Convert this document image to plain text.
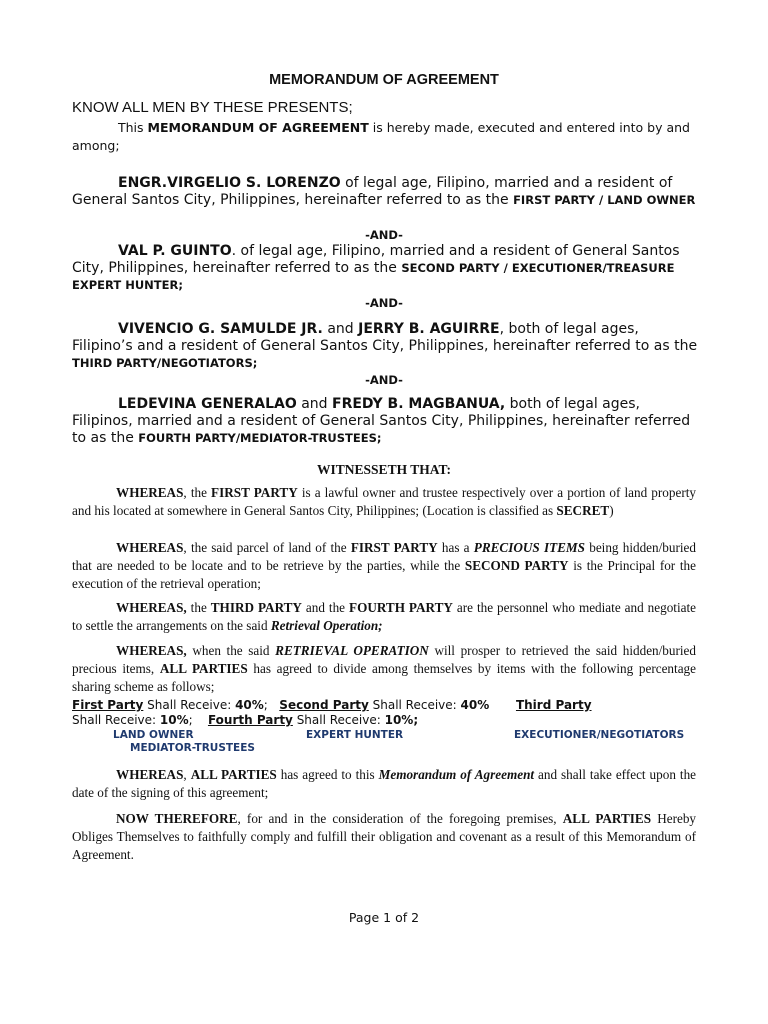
MEMORANDUM OF AGREEMENT
KNOW ALL MEN BY THESE PRESENTS;
This MEMORANDUM OF AGREEMENT is hereby made, executed and entered into by and among;
ENGR.VIRGELIO S. LORENZO of legal age, Filipino, married and a resident of General Santos City, Philippines, hereinafter referred to as the FIRST PARTY / LAND OWNER
-AND-
VAL P. GUINTO. of legal age, Filipino, married and a resident of General Santos City, Philippines, hereinafter referred to as the SECOND PARTY / EXECUTIONER/TREASURE EXPERT HUNTER;
-AND-
VIVENCIO G. SAMULDE JR. and JERRY B. AGUIRRE, both of legal ages, Filipino’s and a resident of General Santos City, Philippines, hereinafter referred to as the THIRD PARTY/NEGOTIATORS;
-AND-
LEDEVINA GENERALAO and FREDY B. MAGBANUA, both of legal ages, Filipinos, married and a resident of General Santos City, Philippines, hereinafter referred to as the FOURTH PARTY/MEDIATOR-TRUSTEES;
WITNESSETH THAT:
WHEREAS, the FIRST PARTY is a lawful owner and trustee respectively over a portion of land property and his located at somewhere in General Santos City, Philippines; (Location is classified as SECRET)
WHEREAS, the said parcel of land of the FIRST PARTY has a PRECIOUS ITEMS being hidden/buried that are needed to be locate and to be retrieve by the parties, while the SECOND PARTY is the Principal for the execution of the retrieval operation;
WHEREAS, the THIRD PARTY and the FOURTH PARTY are the personnel who mediate and negotiate to settle the arrangements on the said Retrieval Operation;
WHEREAS, when the said RETRIEVAL OPERATION will prosper to retrieved the said hidden/buried precious items, ALL PARTIES has agreed to divide among themselves by items with the following percentage sharing scheme as follows;
First Party Shall Receive: 40%; Second Party Shall Receive: 40% Third Party
Shall Receive: 10%; Fourth Party Shall Receive: 10%;
LAND OWNER	EXPERT HUNTER	EXECUTIONER/NEGOTIATORS
MEDIATOR-TRUSTEES
WHEREAS, ALL PARTIES has agreed to this Memorandum of Agreement and shall take effect upon the date of the signing of this agreement;
NOW THEREFORE, for and in the consideration of the foregoing premises, ALL PARTIES Hereby Obliges Themselves to faithfully comply and fulfill their obligation and covenant as a result of this Memorandum of Agreement.
Page 1 of 2
